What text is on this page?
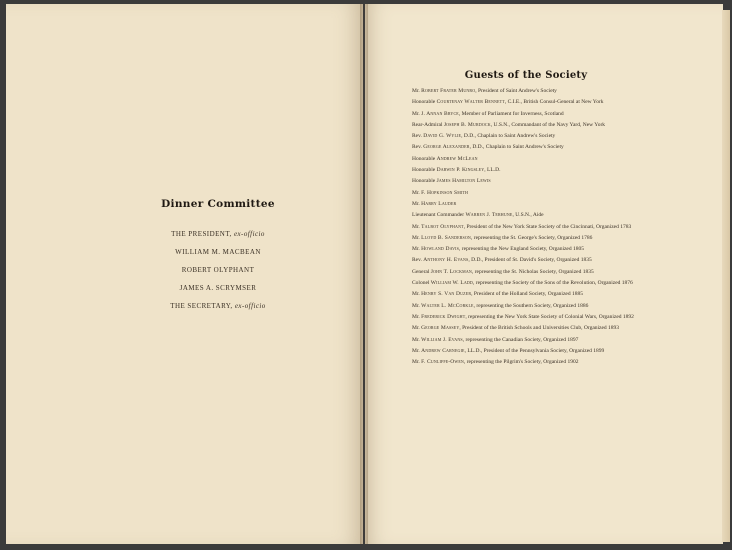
Dinner Committee
THE PRESIDENT, ex-officio
WILLIAM M. MACBEAN
ROBERT OLYPHANT
JAMES A. SCRYMSER
THE SECRETARY, ex-officio
Guests of the Society
Mr. Robert Frater Munro, President of Saint Andrew's Society
Honorable Courtenay Walter Bennett, C.I.E., British Consul-General at New York
Mr. J. Annan Bryce, Member of Parliament for Inverness, Scotland
Rear-Admiral Joseph B. Murdock, U.S.N., Commandant of the Navy Yard, New York
Rev. David G. Wylie, D.D., Chaplain to Saint Andrew's Society
Rev. George Alexander, D.D., Chaplain to Saint Andrew's Society
Honorable Andrew McLean
Honorable Darwin P. Kingsley, LL.D.
Honorable James Hamilton Lewis
Mr. F. Hopkinson Smith
Mr. Harry Lauder
Lieutenant Commander Warren J. Terhune, U.S.N., Aide
Mr. Talbot Olyphant, President of the New York State Society of the Cincinnati, Organized 1783
Mr. Lloyd B. Sanderson, representing the St. George's Society, Organized 1786
Mr. Howland Davis, representing the New England Society, Organized 1805
Rev. Anthony H. Evans, D.D., President of St. David's Society, Organized 1835
General John T. Lockman, representing the St. Nicholas Society, Organized 1835
Colonel William W. Ladd, representing the Society of the Sons of the Revolution, Organized 1876
Mr. Henry S. Van Duzer, President of the Holland Society, Organized 1885
Mr. Walter L. McCorkle, representing the Southern Society, Organized 1886
Mr. Frederick Dwight, representing the New York State Society of Colonial Wars, Organized 1892
Mr. George Massey, President of the British Schools and Universities Club, Organized 1893
Mr. William J. Evans, representing the Canadian Society, Organized 1897
Mr. Andrew Carnegie, LL.D., President of the Pennsylvania Society, Organized 1899
Mr. F. Cunliffe-Owen, representing the Pilgrim's Society, Organized 1902
